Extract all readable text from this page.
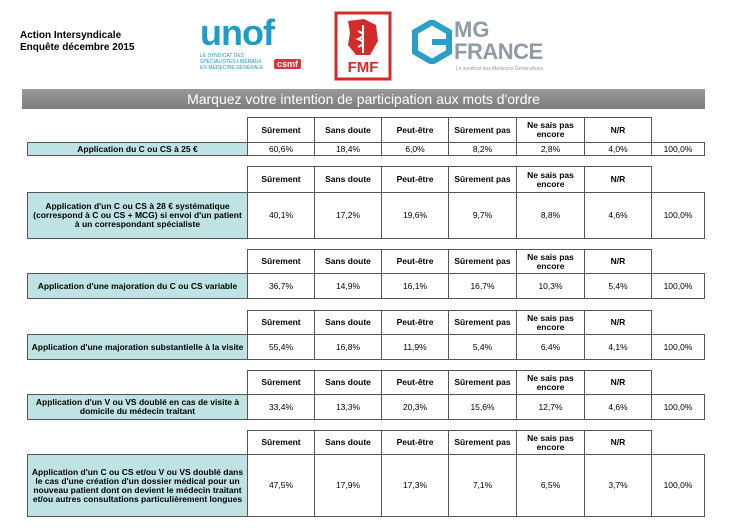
Action Intersyndicale
Enquête décembre 2015 unof
LE SYNDICAT DES SPÉCIALISTES LIBÉRAUX EN MÉDECINE GÉNÉRALE	csmf	FMF
MG
FRANCE
Le syndicat des Médecins Généralistes
Marquez votre intention de participation aux mots d'ordre
	Sûrement	Sans doute	Peut-être	Sûrement pas	Ne sais pas encore	N/R	
Application du C ou CS à 25 €	60,6%	18,4%	6,0%	8,2%	2,8%	4,0%	100,0%
	Sûrement	Sans doute	Peut-être	Sûrement pas	Ne sais pas encore	N/R	
Application d'un C ou CS à 28 € systématique (correspond à C ou CS + MCG) si envoi d'un patient à un correspondant spécialiste	40,1%	17,2%	19,6%	9,7%	8,8%	4,6%	100,0%
	Sûrement	Sans doute	Peut-être	Sûrement pas	Ne sais pas encore	N/R	
Application d'une majoration du C ou CS variable	36,7%	14,9%	16,1%	16,7%	10,3%	5,4%	100,0%
	Sûrement	Sans doute	Peut-être	Sûrement pas	Ne sais pas encore	N/R	
Application d'une majoration substantielle à la visite	55,4%	16,8%	11,9%	5,4%	6,4%	4,1%	100,0%
	Sûrement	Sans doute	Peut-être	Sûrement pas	Ne sais pas encore	N/R	
Application d'un V ou VS doublé en cas de visite à domicile du médecin traitant	33,4%	13,3%	20,3%	15,6%	12,7%	4,6%	100,0%
	Sûrement	Sans doute	Peut-être	Sûrement pas	Ne sais pas encore	N/R	
Application d'un C ou CS et/ou V ou VS doublé dans le cas d'une création d'un dossier médical pour un nouveau patient dont on devient le médecin traitant et/ou autres consultations particulièrement longues	47,5%	17,9%	17,3%	7,1%	6,5%	3,7%	100,0%
